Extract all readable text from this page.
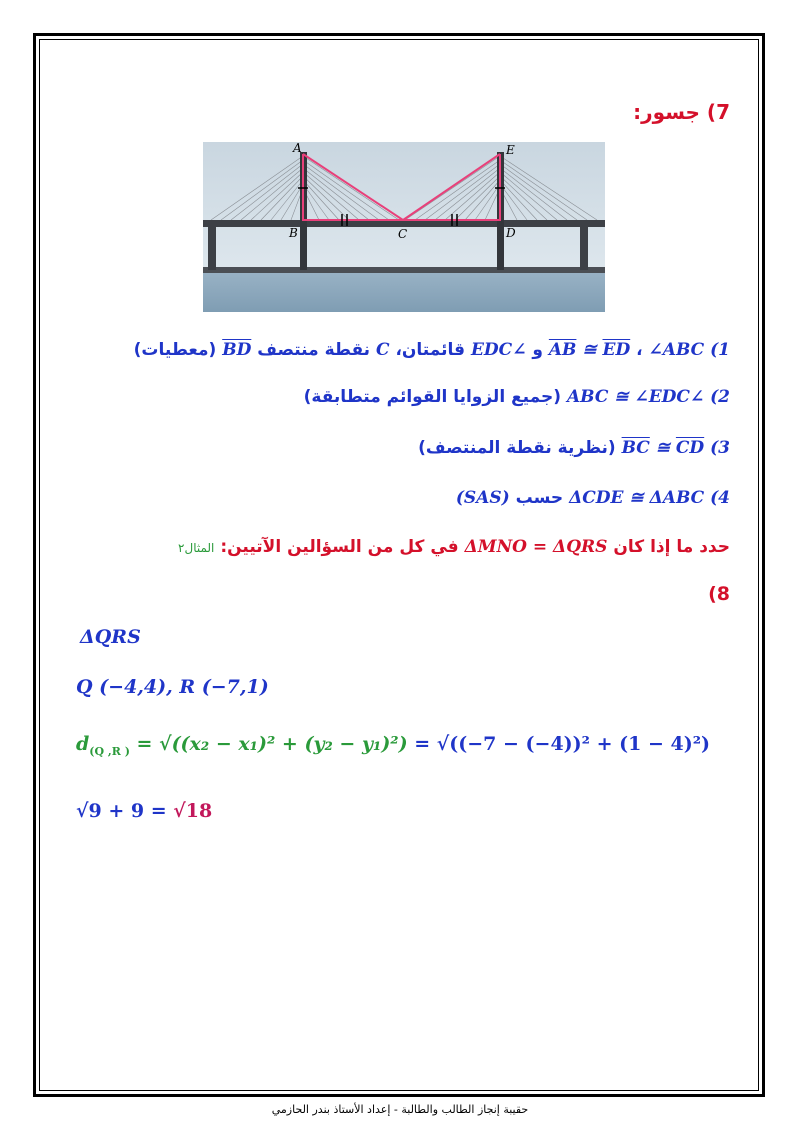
7) جسور:
A
B	C	D
E
1) AB ≅ ED ، ∠ABC و ∠EDC قائمتان، C نقطة منتصف BD (معطيات)
2) ∠ABC ≅ ∠EDC (جميع الزوايا القوائم متطابقة)
3) BC ≅ CD (نظرية نقطة المنتصف)
4) ΔCDE ≅ ΔABC حسب (SAS)
حدد ما إذا كان ΔMNO = ΔQRS في كل من السؤالين الآتيين: المثال٢
8)
ΔQRS
Q (−4,4), R (−7,1)
$d_{(Q ,R )} = √((x_2 - x_1)^2 + (y_2 - y_1)^2) = √((-7 - (-4))^2 + (1 - 4)^2)$
√9 + 9 = √18
حقيبة إنجاز الطالب والطالبة - إعداد الأستاذ بندر الحازمي
